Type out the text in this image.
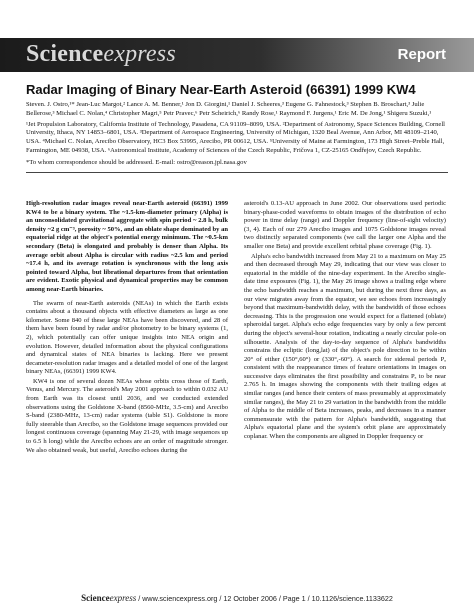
Scienceexpress	Report
Radar Imaging of Binary Near-Earth Asteroid (66391) 1999 KW4

Steven. J. Ostro,¹* Jean-Luc Margot,² Lance A. M. Benner,¹ Jon D. Giorgini,¹ Daniel J. Scheeres,³ Eugene G. Fahnestock,³ Stephen B. Broschart,³ Julie Bellerose,³ Michael C. Nolan,⁴ Christopher Magri,⁵ Petr Pravec,⁶ Petr Scheirich,⁶ Randy Rose,¹ Raymond F. Jurgens,¹ Eric M. De Jong,¹ Shigeru Suzuki,¹

¹Jet Propulsion Laboratory, California Institute of Technology, Pasadena, CA 91109–8099, USA. ²Department of Astronomy, Space Sciences Building, Cornell University, Ithaca, NY 14853–6801, USA. ³Department of Aerospace Engineering, University of Michigan, 1320 Beal Avenue, Ann Arbor, MI 48109–2140, USA. ⁴Michael C. Nolan, Arecibo Observatory, HC3 Box 53995, Arecibo, PR 00612, USA. ⁵University of Maine at Farmington, 173 High Street–Preble Hall, Farmington, ME 04938, USA. ⁶Astronomical Institute, Academy of Sciences of the Czech Republic, Fričova 1, CZ-25165 Ondřejov, Czech Republic.

*To whom correspondence should be addressed. E-mail: ostro@reason.jpl.nasa.gov

High-resolution radar images reveal near-Earth asteroid (66391) 1999 KW4 to be a binary system. The ~1.5-km-diameter primary (Alpha) is an unconsolidated gravitational aggregate with spin period ~ 2.8 h, bulk density ~2 g cm⁻³, porosity ~ 50%, and an oblate shape dominated by an equatorial ridge at the object's potential energy minimum. The ~0.5-km secondary (Beta) is elongated and probably is denser than Alpha. Its average orbit about Alpha is circular with radius ~2.5 km and period ~17.4 h, and its average rotation is synchronous with the long axis pointed toward Alpha, but librational departures from that orientation are evident. Exotic physical and dynamical properties may be common among near-Earth binaries.

The swarm of near-Earth asteroids (NEAs) in which the Earth exists contains about a thousand objects with effective diameters as large as one kilometer. Some 840 of these large NEAs have been discovered, and 28 of them have been found by radar and/or photometry to be binary systems (1, 2), which potentially can offer unique insights into NEA origin and evolution. However, detailed information about the physical configurations and dynamical states of NEA binaries is lacking. Here we present decameter-resolution radar images and a detailed model of one of the largest binary NEAs, (66391) 1999 KW4.

KW4 is one of several dozen NEAs whose orbits cross those of Earth, Venus, and Mercury. The asteroid's May 2001 approach to within 0.032 AU from Earth was its closest until 2036, and we conducted extended observations using the Goldstone X-band (8560-MHz, 3.5-cm) and Arecibo S-band (2380-MHz, 13-cm) radar systems (table S1). Goldstone is more fully steerable than Arecibo, so the Goldstone image sequences provided our longest continuous coverage (spanning May 21-29, with image sequences up to 6.5 h long) while the Arecibo echoes are an order of magnitude stronger. We also obtained weak, but useful, Arecibo echoes during the

asteroid's 0.13-AU approach in June 2002. Our observations used periodic binary-phase-coded waveforms to obtain images of the distribution of echo power in time delay (range) and Doppler frequency (line-of-sight velocity) (3, 4). Each of our 279 Arecibo images and 1075 Goldstone images reveal two distinctly separated components (we call the larger one Alpha and the smaller one Beta) and provide excellent orbital phase coverage (Fig. 1).

Alpha's echo bandwidth increased from May 21 to a maximum on May 25 and then decreased through May 29, indicating that our view was closer to equatorial in the middle of the nine-day experiment. In the Arecibo single-date time exposures (Fig. 1), the May 26 image shows a trailing edge where the echo bandwidth reaches a maximum, but during the next three days, as our view migrates away from the equator, we see echoes from increasingly beyond that maximum-bandwidth delay, with the bandwidth of those echoes decreasing. This is the progression one would expect for a flattened (oblate) spheroidal target. Alpha's echo edge frequencies vary by only a few percent during the object's several-hour rotation, indicating a nearly circular pole-on silhouette. Analysis of the day-to-day sequence of Alpha's bandwidths constrains the ecliptic (long,lat) of the object's pole direction to be within 20° of either (150°,60°) or (330°,-60°). A search for sidereal periods Pₐ consistent with the reappearance times of feature orientations in images on successive days eliminates the first possibility and constrains Pₐ to be near 2.765 h. In images showing the components with their trailing edges at similar ranges (and hence their centers of mass presumably at approximately similar ranges), the May 21 to 29 variation in the bandwidth from the middle of Alpha to the middle of Beta increases, peaks, and decreases in a manner commensurate with the pattern for Alpha's bandwidth, suggesting that Alpha's equatorial plane and the system's orbit plane are approximately coplanar. When the components are aligned in Doppler frequency or

Scienceexpress / www.sciencexpress.org / 12 October 2006 / Page 1 / 10.1126/science.1133622
